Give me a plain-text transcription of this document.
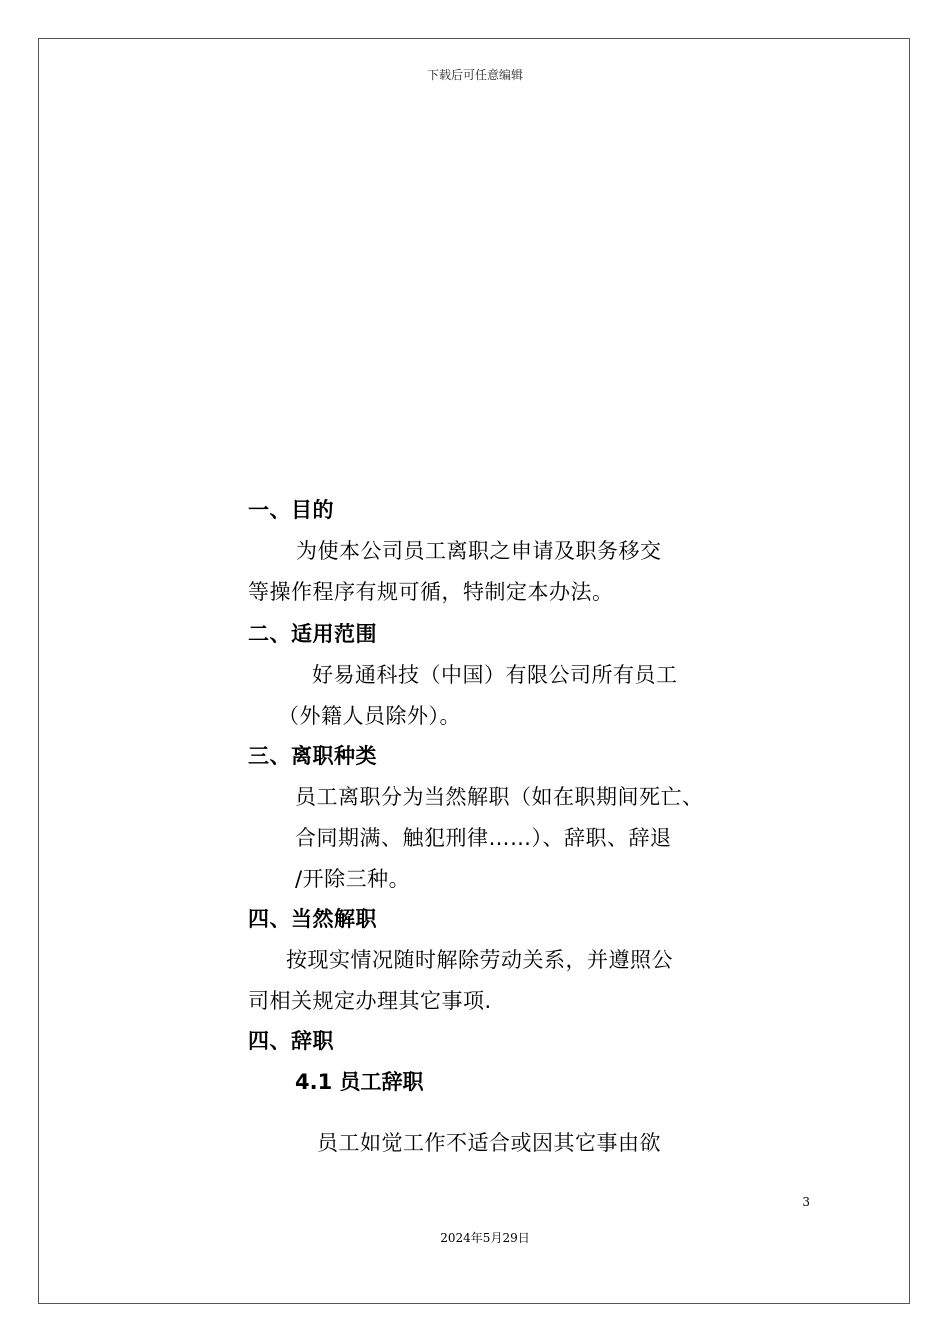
下载后可任意编辑
一、目的
为使本公司员工离职之申请及职务移交
等操作程序有规可循，特制定本办法。
二、适用范围
好易通科技（中国）有限公司所有员工
（外籍人员除外）。
三、离职种类
员工离职分为当然解职（如在职期间死亡、
合同期满、触犯刑律……）、辞职、辞退
/开除三种。
四、当然解职
按现实情况随时解除劳动关系，并遵照公
司相关规定办理其它事项.
四、辞职
4.1 员工辞职
员工如觉工作不适合或因其它事由欲
3
2024年5月29日
